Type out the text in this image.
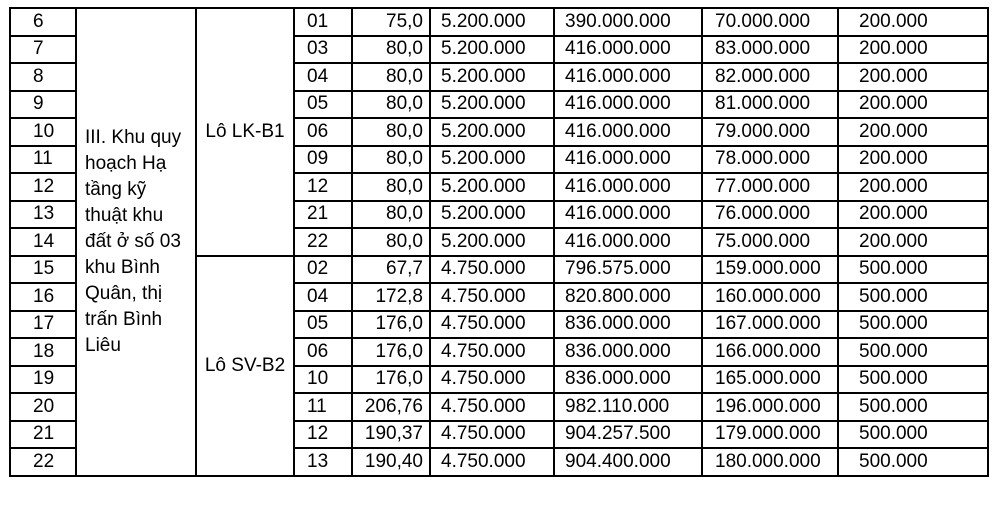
6	III. Khu quy hoạch Hạ tầng kỹ thuật khu đất ở số 03 khu Bình Quân, thị trấn Bình Liêu	Lô LK-B1	01	75,0	5.200.000	390.000.000	70.000.000	200.000
7			03	80,0	5.200.000	416.000.000	83.000.000	200.000
8			04	80,0	5.200.000	416.000.000	82.000.000	200.000
9			05	80,0	5.200.000	416.000.000	81.000.000	200.000
10			06	80,0	5.200.000	416.000.000	79.000.000	200.000
11			09	80,0	5.200.000	416.000.000	78.000.000	200.000
12			12	80,0	5.200.000	416.000.000	77.000.000	200.000
13			21	80,0	5.200.000	416.000.000	76.000.000	200.000
14			22	80,0	5.200.000	416.000.000	75.000.000	200.000
15		Lô SV-B2	02	67,7	4.750.000	796.575.000	159.000.000	500.000
16			04	172,8	4.750.000	820.800.000	160.000.000	500.000
17			05	176,0	4.750.000	836.000.000	167.000.000	500.000
18			06	176,0	4.750.000	836.000.000	166.000.000	500.000
19			10	176,0	4.750.000	836.000.000	165.000.000	500.000
20			11	206,76	4.750.000	982.110.000	196.000.000	500.000
21			12	190,37	4.750.000	904.257.500	179.000.000	500.000
22			13	190,40	4.750.000	904.400.000	180.000.000	500.000
